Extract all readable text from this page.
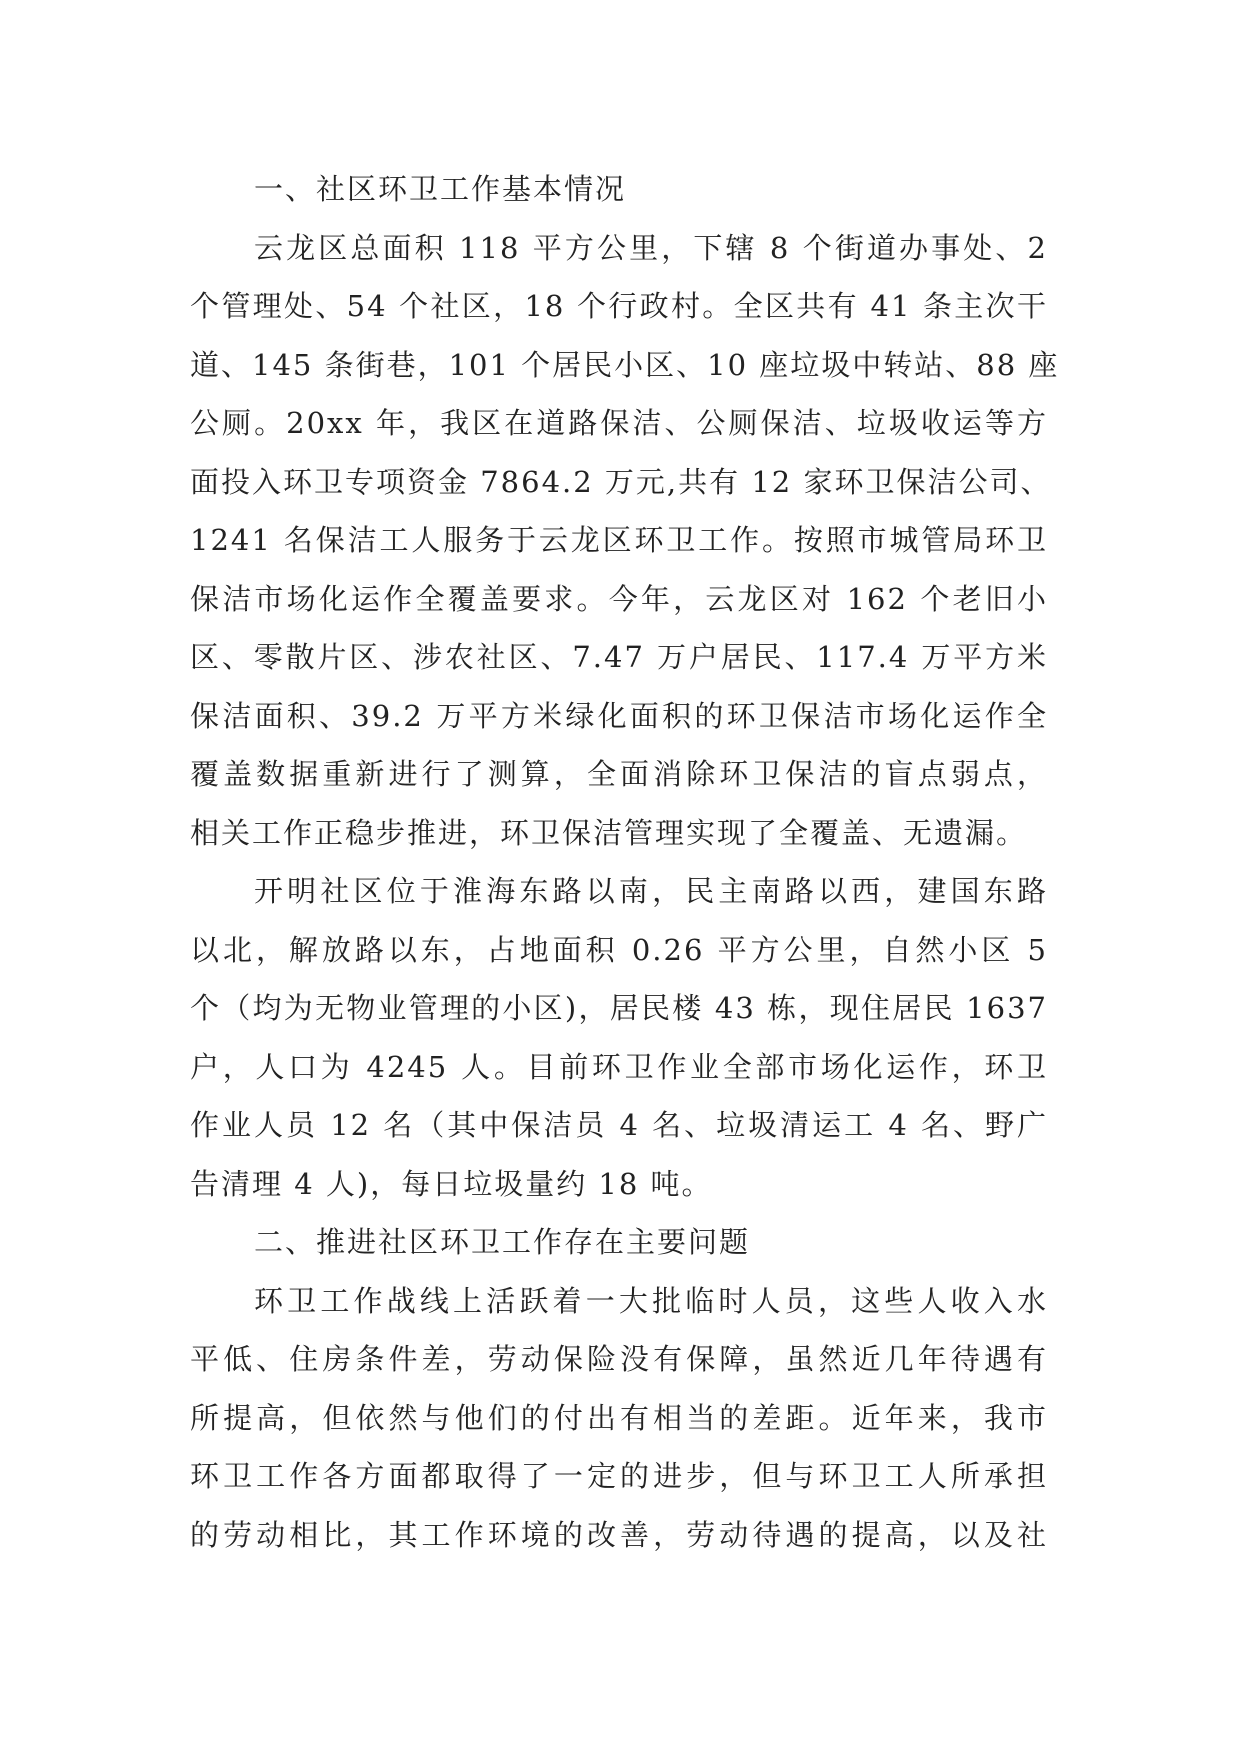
一、社区环卫工作基本情况
云龙区总面积 118 平方公里，下辖 8 个街道办事处、2
个管理处、54 个社区，18 个行政村。全区共有 41 条主次干
道、145 条街巷，101 个居民小区、10 座垃圾中转站、88 座
公厕。20xx 年，我区在道路保洁、公厕保洁、垃圾收运等方
面投入环卫专项资金 7864.2 万元,共有 12 家环卫保洁公司、
1241 名保洁工人服务于云龙区环卫工作。按照市城管局环卫
保洁市场化运作全覆盖要求。今年，云龙区对 162 个老旧小
区、零散片区、涉农社区、7.47 万户居民、117.4 万平方米
保洁面积、39.2 万平方米绿化面积的环卫保洁市场化运作全
覆盖数据重新进行了测算，全面消除环卫保洁的盲点弱点，
相关工作正稳步推进，环卫保洁管理实现了全覆盖、无遗漏。
开明社区位于淮海东路以南，民主南路以西，建国东路
以北，解放路以东，占地面积 0.26 平方公里，自然小区 5
个（均为无物业管理的小区)，居民楼 43 栋，现住居民 1637
户，人口为 4245 人。目前环卫作业全部市场化运作，环卫
作业人员 12 名（其中保洁员 4 名、垃圾清运工 4 名、野广
告清理 4 人)，每日垃圾量约 18 吨。
二、推进社区环卫工作存在主要问题
环卫工作战线上活跃着一大批临时人员，这些人收入水
平低、住房条件差，劳动保险没有保障，虽然近几年待遇有
所提高，但依然与他们的付出有相当的差距。近年来，我市
环卫工作各方面都取得了一定的进步，但与环卫工人所承担
的劳动相比，其工作环境的改善，劳动待遇的提高，以及社
